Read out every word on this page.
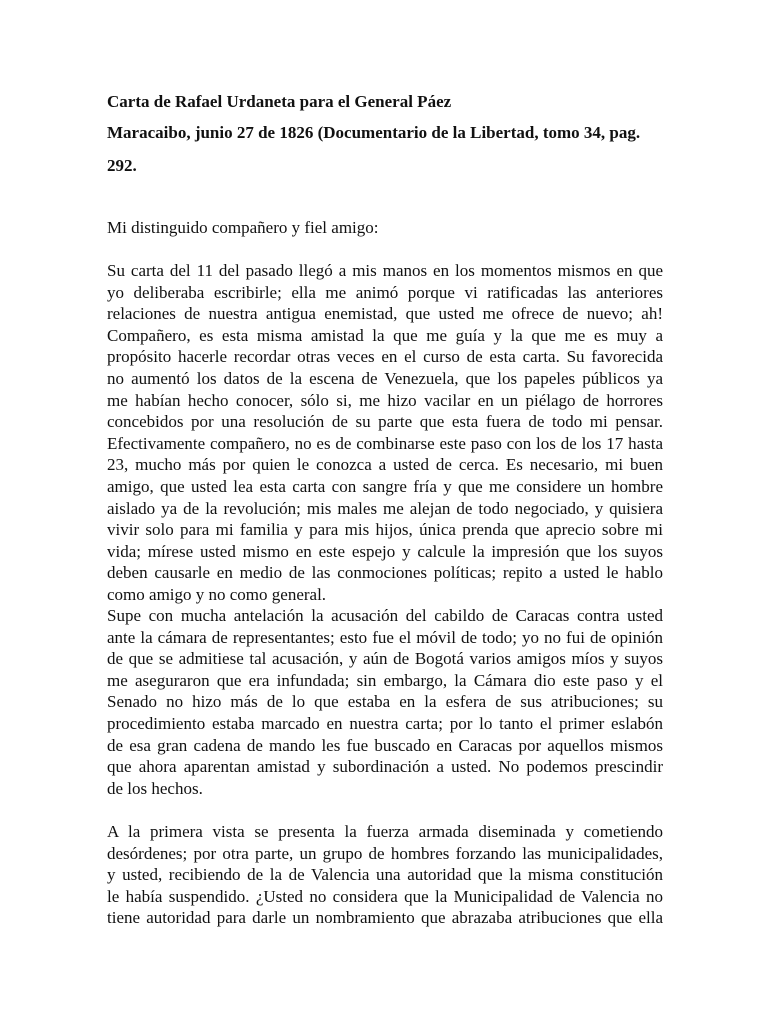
Carta de Rafael Urdaneta para el General Páez
Maracaibo, junio 27 de 1826 (Documentario de la Libertad, tomo 34, pag.
292.
Mi distinguido compañero y fiel amigo:
Su carta del 11 del pasado llegó a mis manos en los momentos mismos en que
yo deliberaba escribirle; ella me animó porque vi ratificadas las anteriores
relaciones de nuestra antigua enemistad, que usted me ofrece de nuevo; ah!
Compañero, es esta misma amistad la que me guía y la que me es muy a
propósito hacerle recordar otras veces en el curso de esta carta. Su favorecida
no aumentó los datos de la escena de Venezuela, que los papeles públicos ya
me habían hecho conocer, sólo si, me hizo vacilar en un piélago de horrores
concebidos por una resolución de su parte que esta fuera de todo mi pensar.
Efectivamente compañero, no es de combinarse este paso con los de los 17 hasta
23, mucho más por quien le conozca a usted de cerca. Es necesario, mi buen
amigo, que usted lea esta carta con sangre fría y que me considere un hombre
aislado ya de la revolución; mis males me alejan de todo negociado, y quisiera
vivir solo para mi familia y para mis hijos, única prenda que aprecio sobre mi
vida; mírese usted mismo en este espejo y calcule la impresión que los suyos
deben causarle en medio de las conmociones políticas; repito a usted le hablo
como amigo y no como general.
Supe con mucha antelación la acusación del cabildo de Caracas contra usted
ante la cámara de representantes; esto fue el móvil de todo; yo no fui de opinión
de que se admitiese tal acusación, y aún de Bogotá varios amigos míos y suyos
me aseguraron que era infundada; sin embargo, la Cámara dio este paso y el
Senado no hizo más de lo que estaba en la esfera de sus atribuciones; su
procedimiento estaba marcado en nuestra carta; por lo tanto el primer eslabón
de esa gran cadena de mando les fue buscado en Caracas por aquellos mismos
que ahora aparentan amistad y subordinación a usted. No podemos prescindir
de los hechos.
A la primera vista se presenta la fuerza armada diseminada y cometiendo
desórdenes; por otra parte, un grupo de hombres forzando las municipalidades,
y usted, recibiendo de la de Valencia una autoridad que la misma constitución
le había suspendido. ¿Usted no considera que la Municipalidad de Valencia no
tiene autoridad para darle un nombramiento que abrazaba atribuciones que ella
